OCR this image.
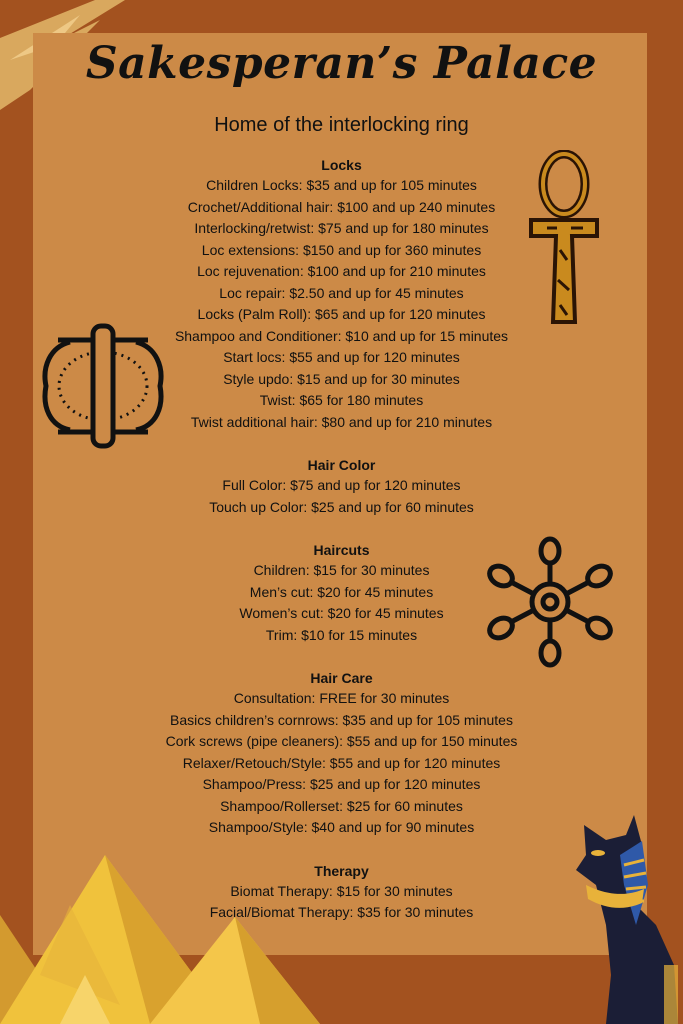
Sakesperan’s Palace

Home of the interlocking ring

Locks

Children Locks: $35 and up for 105 minutes

Crochet/Additional hair: $100 and up 240 minutes

Interlocking/retwist: $75 and up for 180 minutes

Loc extensions: $150 and up for 360 minutes

Loc rejuvenation: $100 and up for 210 minutes

Loc repair: $2.50 and up for 45 minutes

Locks (Palm Roll): $65 and up for 120 minutes

Shampoo and Conditioner: $10 and up for 15 minutes

Start locs: $55 and up for 120 minutes

Style updo: $15 and up for 30 minutes

Twist: $65 for 180 minutes

Twist additional hair: $80 and up for 210 minutes

Hair Color

Full Color: $75 and up for 120 minutes

Touch up Color: $25 and up for 60 minutes

Haircuts

Children: $15 for 30 minutes

Men’s cut: $20 for 45 minutes

Women’s cut: $20 for 45 minutes

Trim: $10 for 15 minutes

Hair Care

Consultation: FREE for 30 minutes

Basics children’s cornrows: $35 and up for 105 minutes

Cork screws (pipe cleaners): $55 and up for 150 minutes

Relaxer/Retouch/Style: $55 and up for 120 minutes

Shampoo/Press: $25 and up for 120 minutes

Shampoo/Rollerset: $25 for 60 minutes

Shampoo/Style: $40 and up for 90 minutes

Therapy

Biomat Therapy: $15 for 30 minutes

Facial/Biomat Therapy: $35 for 30 minutes
